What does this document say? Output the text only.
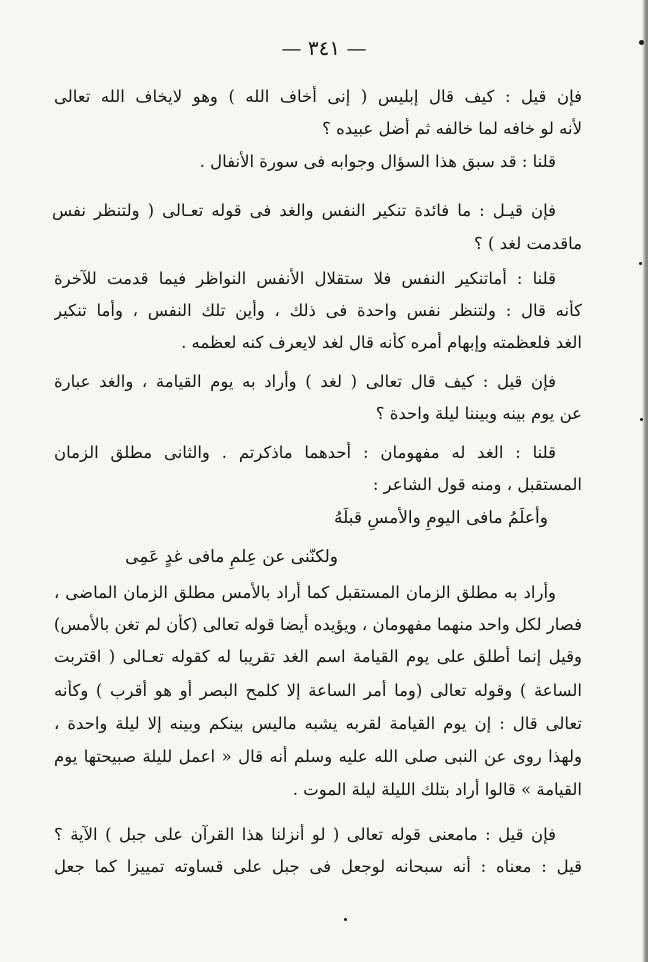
— ٣٤١ —
فإن قيل : كيف قال إبليس ( إنى أخاف الله ) وهو لايخاف الله تعالى
لأنه لو خافه لما خالفه ثم أضل عبيده ؟
قلنا : قد سبق هذا السؤال وجوابه فى سورة الأنفال .
فإن قيـل : ما فائدة تنكير النفس والغد فى قوله تعـالى ( ولتنظر نفس
ماقدمت لغد ) ؟
قلنا : أماتنكير النفس فلا ستقلال الأنفس النواظر فيما قدمت للآخرة
كأنه قال : ولتنظر نفس واحدة فى ذلك ، وأين تلك النفس ، وأما تنكير
الغد فلعظمته وإبهام أمره كأنه قال لغد لايعرف كنه لعظمه .
فإن قيل : كيف قال تعالى ( لغد ) وأراد به يوم القيامة ، والغد عبارة
عن يوم بينه وبيننا ليلة واحدة ؟
قلنا : الغد له مفهومان : أحدهما ماذكرتم . والثانى مطلق الزمان
المستقبل ، ومنه قول الشاعر :
وأعلَمُ مافى اليومِ والأمسِ قبلَهُ
ولكنّنى عن عِلمِ مافى غدٍ عَمِى
وأراد به مطلق الزمان المستقبل كما أراد بالأمس مطلق الزمان الماضى ،
فصار لكل واحد منهما مفهومان ، ويؤيده أيضا قوله تعالى (كأن لم تغن بالأمس)
وقيل إنما أطلق على يوم القيامة اسم الغد تقريبا له كقوله تعـالى ( اقتربت
الساعة ) وقوله تعالى (وما أمر الساعة إلا كلمح البصر أو هو أقرب ) وكأنه
تعالى قال : إن يوم القيامة لقربه يشبه ماليس بينكم وبينه إلا ليلة واحدة ،
ولهذا روى عن النبى صلى الله عليه وسلم أنه قال « اعمل لليلة صبيحتها يوم
القيامة » قالوا أراد بتلك الليلة ليلة الموت .
فإن قيل : مامعنى قوله تعالى ( لو أنزلنا هذا القرآن على جبل ) الآية ؟
قيل : معناه : أنه سبحانه لوجعل فى جبل على قساوته تمييزا كما جعل
